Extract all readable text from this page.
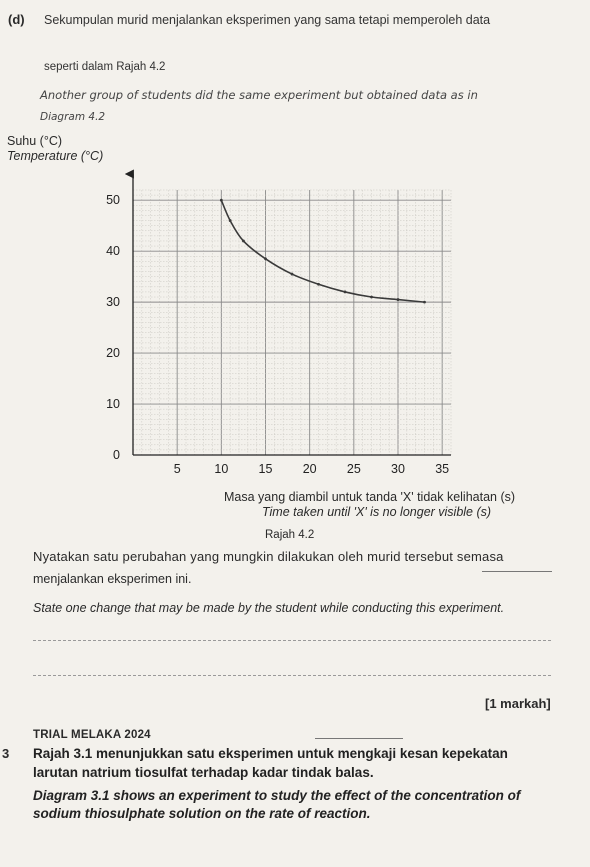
(d) Sekumpulan murid menjalankan eksperimen yang sama tetapi memperoleh data
seperti dalam Rajah 4.2
Another group of students did the same experiment but obtained data as in
Diagram 4.2
Suhu (°C)
Temperature (°C)
5	10 15 20 25 30 35
0
10
20
30
40
50
Masa yang diambil untuk tanda 'X' tidak kelihatan (s)
Time taken until 'X' is no longer visible (s)
Rajah 4.2
Nyatakan satu perubahan yang mungkin dilakukan oleh murid tersebut semasa
menjalankan eksperimen ini.
State one change that may be made by the student while conducting this experiment.
[1 markah]
TRIAL MELAKA 2024
3 Rajah 3.1 menunjukkan satu eksperimen untuk mengkaji kesan kepekatan
larutan natrium tiosulfat terhadap kadar tindak balas.
Diagram 3.1 shows an experiment to study the effect of the concentration of
sodium thiosulphate solution on the rate of reaction.
